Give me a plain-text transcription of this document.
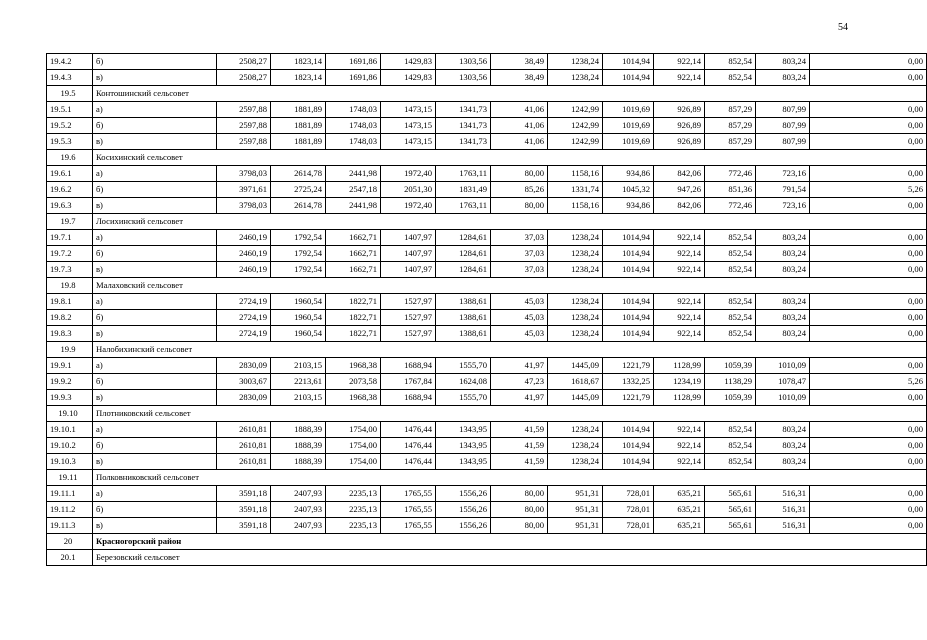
54
19.4.2	б)	2508,27	1823,14	1691,86	1429,83	1303,56	38,49	1238,24	1014,94	922,14	852,54	803,24	0,00
19.4.3	в)	2508,27	1823,14	1691,86	1429,83	1303,56	38,49	1238,24	1014,94	922,14	852,54	803,24	0,00
19.5	Контошинский сельсовет												
19.5.1	а)	2597,88	1881,89	1748,03	1473,15	1341,73	41,06	1242,99	1019,69	926,89	857,29	807,99	0,00
19.5.2	б)	2597,88	1881,89	1748,03	1473,15	1341,73	41,06	1242,99	1019,69	926,89	857,29	807,99	0,00
19.5.3	в)	2597,88	1881,89	1748,03	1473,15	1341,73	41,06	1242,99	1019,69	926,89	857,29	807,99	0,00
19.6	Косихинский сельсовет												
19.6.1	а)	3798,03	2614,78	2441,98	1972,40	1763,11	80,00	1158,16	934,86	842,06	772,46	723,16	0,00
19.6.2	б)	3971,61	2725,24	2547,18	2051,30	1831,49	85,26	1331,74	1045,32	947,26	851,36	791,54	5,26
19.6.3	в)	3798,03	2614,78	2441,98	1972,40	1763,11	80,00	1158,16	934,86	842,06	772,46	723,16	0,00
19.7	Лосихинский сельсовет												
19.7.1	а)	2460,19	1792,54	1662,71	1407,97	1284,61	37,03	1238,24	1014,94	922,14	852,54	803,24	0,00
19.7.2	б)	2460,19	1792,54	1662,71	1407,97	1284,61	37,03	1238,24	1014,94	922,14	852,54	803,24	0,00
19.7.3	в)	2460,19	1792,54	1662,71	1407,97	1284,61	37,03	1238,24	1014,94	922,14	852,54	803,24	0,00
19.8	Малаховский сельсовет												
19.8.1	а)	2724,19	1960,54	1822,71	1527,97	1388,61	45,03	1238,24	1014,94	922,14	852,54	803,24	0,00
19.8.2	б)	2724,19	1960,54	1822,71	1527,97	1388,61	45,03	1238,24	1014,94	922,14	852,54	803,24	0,00
19.8.3	в)	2724,19	1960,54	1822,71	1527,97	1388,61	45,03	1238,24	1014,94	922,14	852,54	803,24	0,00
19.9	Налобихинский сельсовет												
19.9.1	а)	2830,09	2103,15	1968,38	1688,94	1555,70	41,97	1445,09	1221,79	1128,99	1059,39	1010,09	0,00
19.9.2	б)	3003,67	2213,61	2073,58	1767,84	1624,08	47,23	1618,67	1332,25	1234,19	1138,29	1078,47	5,26
19.9.3	в)	2830,09	2103,15	1968,38	1688,94	1555,70	41,97	1445,09	1221,79	1128,99	1059,39	1010,09	0,00
19.10	Плотниковский сельсовет												
19.10.1	а)	2610,81	1888,39	1754,00	1476,44	1343,95	41,59	1238,24	1014,94	922,14	852,54	803,24	0,00
19.10.2	б)	2610,81	1888,39	1754,00	1476,44	1343,95	41,59	1238,24	1014,94	922,14	852,54	803,24	0,00
19.10.3	в)	2610,81	1888,39	1754,00	1476,44	1343,95	41,59	1238,24	1014,94	922,14	852,54	803,24	0,00
19.11	Полковниковский сельсовет												
19.11.1	а)	3591,18	2407,93	2235,13	1765,55	1556,26	80,00	951,31	728,01	635,21	565,61	516,31	0,00
19.11.2	б)	3591,18	2407,93	2235,13	1765,55	1556,26	80,00	951,31	728,01	635,21	565,61	516,31	0,00
19.11.3	в)	3591,18	2407,93	2235,13	1765,55	1556,26	80,00	951,31	728,01	635,21	565,61	516,31	0,00
20	Красногорский район												
20.1	Березовский сельсовет												
